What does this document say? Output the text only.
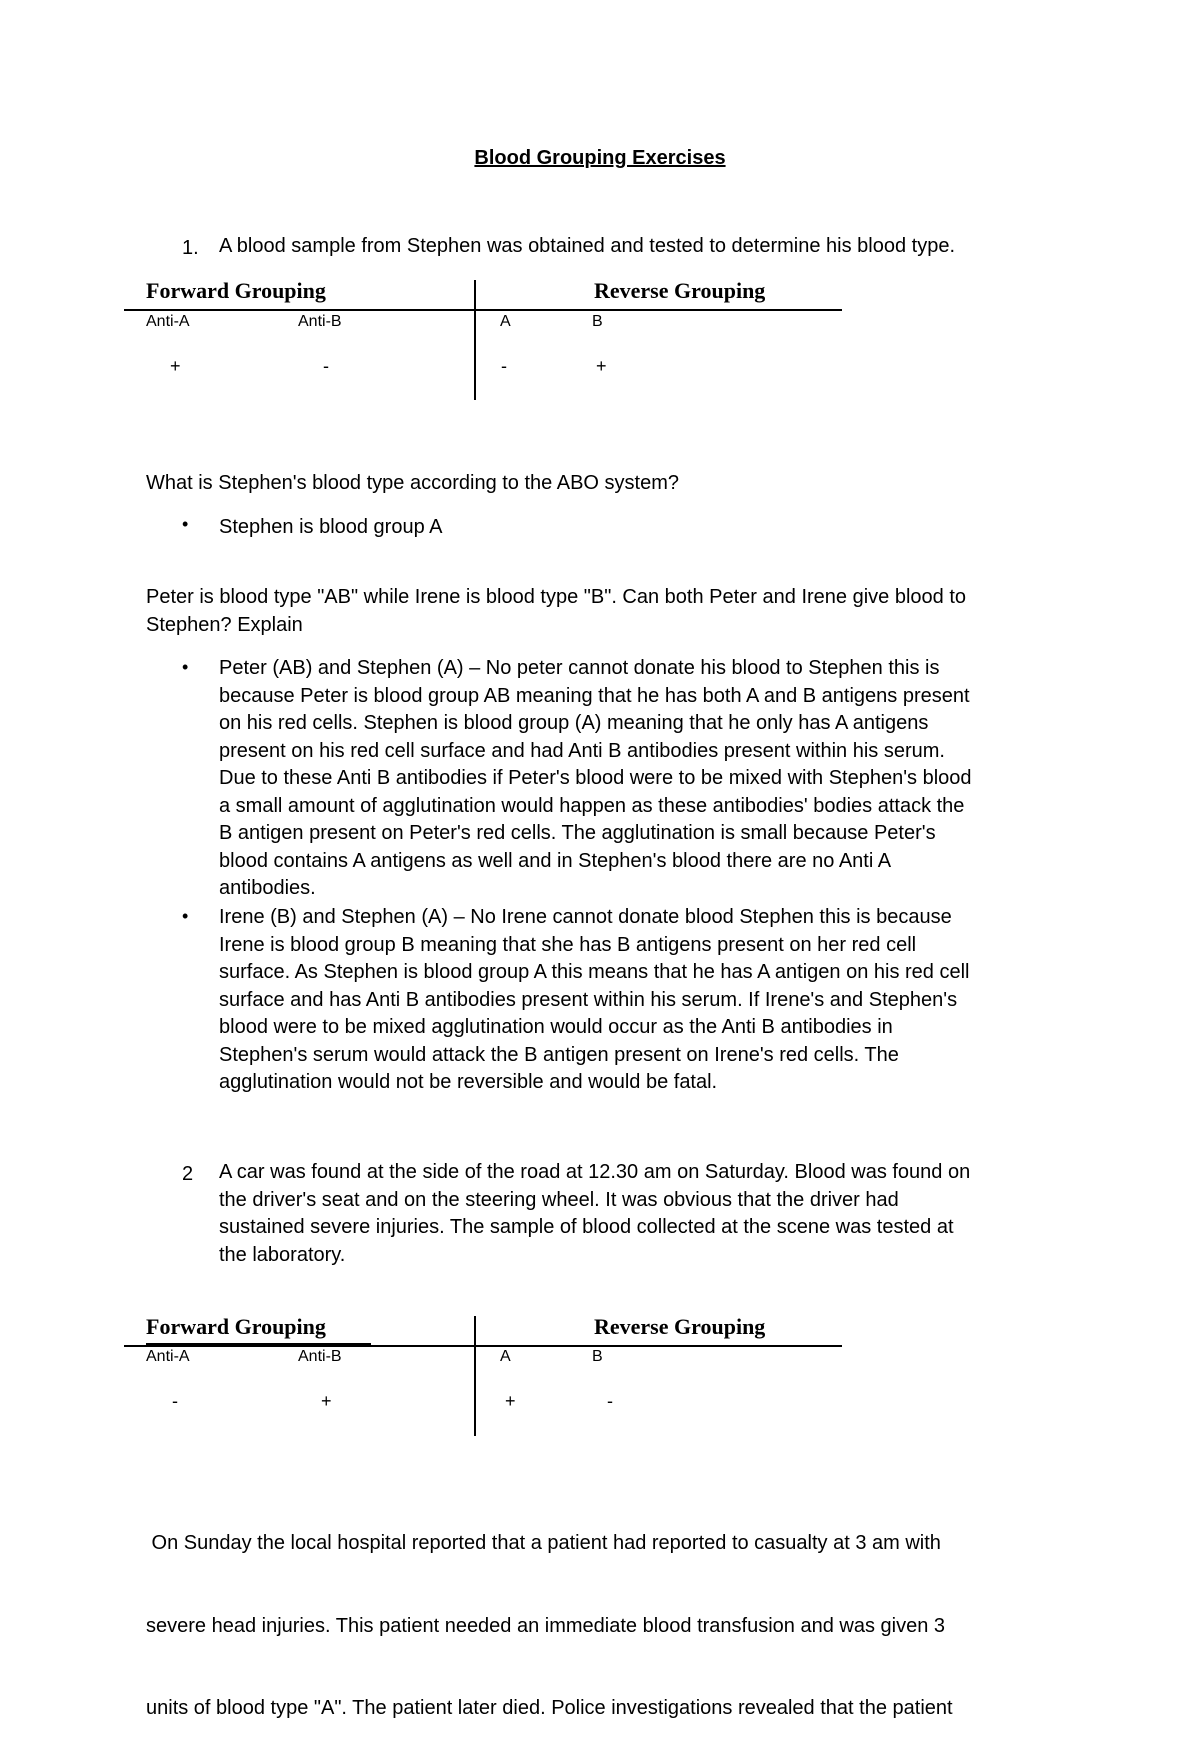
Blood Grouping Exercises
1. A blood sample from Stephen was obtained and tested to determine his blood type.
Forward Grouping	Reverse Grouping
Anti-A	Anti-B	A	B
+	-	-	+
What is Stephen's blood type according to the ABO system?
• Stephen is blood group A
Peter is blood type "AB" while Irene is blood type "B". Can both Peter and Irene give blood to
Stephen? Explain
• Peter (AB) and Stephen (A) – No peter cannot donate his blood to Stephen this is
because Peter is blood group AB meaning that he has both A and B antigens present
on his red cells. Stephen is blood group (A) meaning that he only has A antigens
present on his red cell surface and had Anti B antibodies present within his serum.
Due to these Anti B antibodies if Peter's blood were to be mixed with Stephen's blood
a small amount of agglutination would happen as these antibodies' bodies attack the
B antigen present on Peter's red cells. The agglutination is small because Peter's
blood contains A antigens as well and in Stephen's blood there are no Anti A
antibodies.
• Irene (B) and Stephen (A) – No Irene cannot donate blood Stephen this is because
Irene is blood group B meaning that she has B antigens present on her red cell
surface. As Stephen is blood group A this means that he has A antigen on his red cell
surface and has Anti B antibodies present within his serum. If Irene's and Stephen's
blood were to be mixed agglutination would occur as the Anti B antibodies in
Stephen's serum would attack the B antigen present on Irene's red cells. The
agglutination would not be reversible and would be fatal.
2 A car was found at the side of the road at 12.30 am on Saturday. Blood was found on
the driver's seat and on the steering wheel. It was obvious that the driver had
sustained severe injuries. The sample of blood collected at the scene was tested at
the laboratory.
Forward Grouping	Reverse Grouping
Anti-A	Anti-B	A	B
-	+	+	-

On Sunday the local hospital reported that a patient had reported to casualty at 3 am with

severe head injuries. This patient needed an immediate blood transfusion and was given 3

units of blood type "A". The patient later died. Police investigations revealed that the patient
